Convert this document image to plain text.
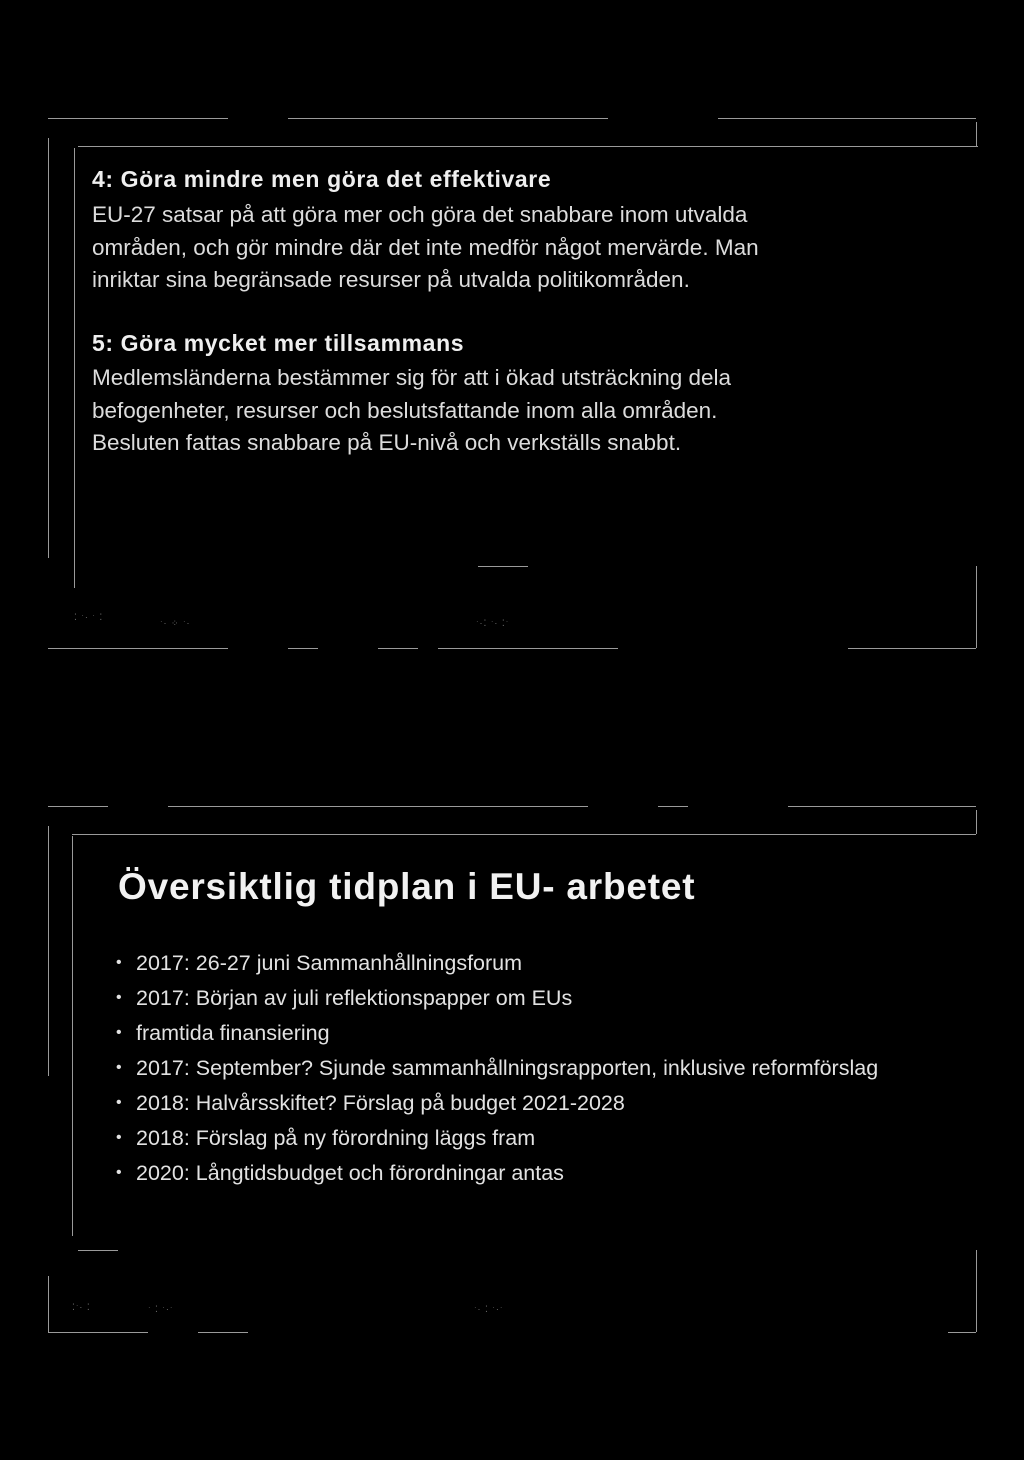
4: Göra mindre men göra det effektivare

EU-27 satsar på att göra mer och göra det snabbare inom utvalda
områden, och gör mindre där det inte medför något mervärde. Man
inriktar sina begränsade resurser på utvalda politikområden.

5: Göra mycket mer tillsammans

Medlemsländerna bestämmer sig för att i ökad utsträckning dela
befogenheter, resurser och beslutsfattande inom alla områden.
Besluten fattas snabbare på EU-nivå och verkställs snabbt.

⁚ ˑ· ˑ ⁚
ˑ· ⁘ ˑ·	ˑ·⁚ ˑ· ⁚ˑ
Översiktlig tidplan i EU- arbetet
• 2017: 26-27 juni Sammanhållningsforum
• 2017: Början av juli reflektionspapper om EUs
• framtida finansiering
• 2017: September? Sjunde sammanhållningsrapporten, inklusive reformförslag
• 2018: Halvårsskiftet? Förslag på budget 2021-2028
• 2018: Förslag på ny förordning läggs fram
• 2020: Långtidsbudget och förordningar antas
⁚ˑ· ⁚	ˑ ⁚ ˑ·ˑ	ˑ· ⁚ ˑ·ˑ
